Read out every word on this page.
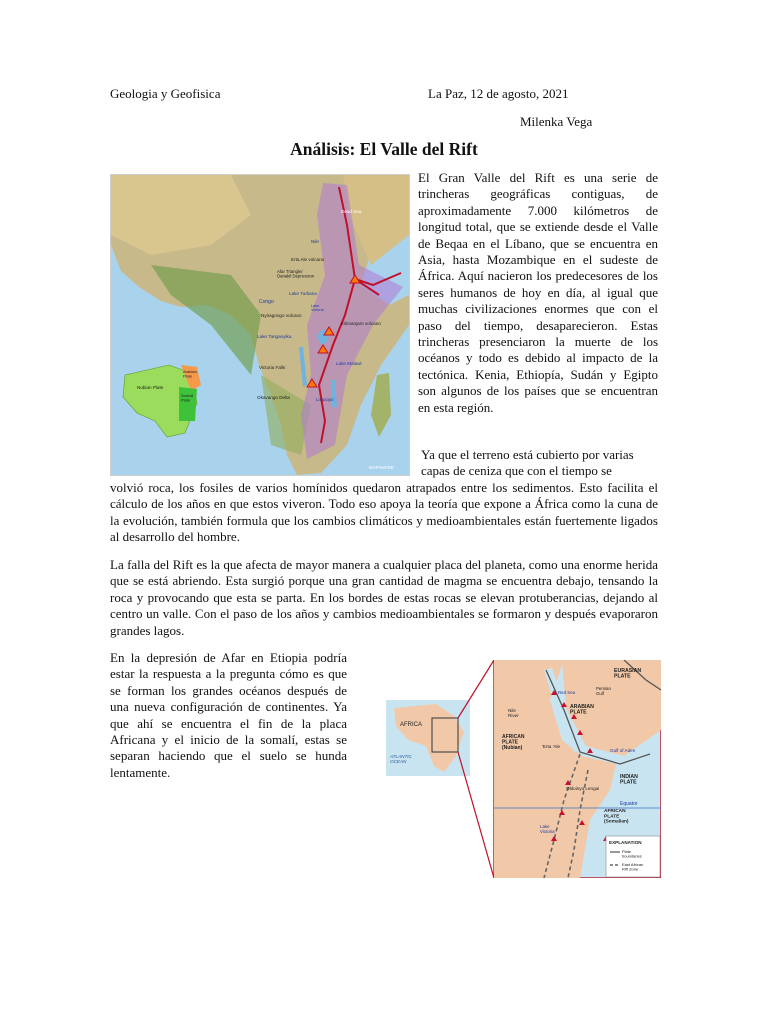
Geologia y Geofisica	La Paz, 12 de agosto, 2021
Milenka Vega
Análisis: El Valle del Rift
Dead Sea
Nile
Erta Ale volcano
Afar Triangle/ Danakil Depression
Lake Turkana
Congo
Lake Victoria
Nyiragongo volcano
Kilimanjaro volcano
Lake Tanganyika
Lake Malawi
Victoria Falls
Okavango Delta	Limpopo
MAPSWIRE
Nubian Plate
Arabian Plate
Somali Plate
El Gran Valle del Rift es una serie de trincheras geográficas contiguas, de aproximadamente 7.000 kilómetros de longitud total, que se extiende desde el Valle de Beqaa en el Líbano, que se encuentra en Asia, hasta Mozambique en el sudeste de África. Aquí nacieron los predecesores de los seres humanos de hoy en día, al igual que muchas civilizaciones enormes que con el paso del tiempo, desaparecieron. Estas trincheras presenciaron la muerte de los océanos y todo es debido al impacto de la tectónica. Kenia, Ethiopía, Sudán y Egipto son algunos de los países que se encuentran en esta región.
Ya que el terreno está cubierto por varias
capas de ceniza que con el tiempo se
volvió roca, los fosiles de varios homínidos quedaron atrapados entre los sedimentos. Esto facilita el cálculo de los años en que estos viveron. Todo eso apoya la teoría que expone a África como la cuna de la evolución, también formula que los cambios climáticos y medioambientales están fuertemente ligados al desarrollo del hombre.
La falla del Rift es la que afecta de mayor manera a cualquier placa del planeta, como una enorme herida que se está abriendo. Esta surgió porque una gran cantidad de magma se encuentra debajo, tensando la roca y provocando que esta se parta. En los bordes de estas rocas se elevan protuberancias, dejando al centro un valle. Con el paso de los años y cambios medioambientales se formaron y después evaporaron grandes lagos.
En la depresión de Afar en Etiopia podría estar la respuesta a la pregunta cómo es que se forman los grandes océanos después de una nueva configuración de continentes. Ya que ahí se encuentra el fin de la placa Africana y el inicio de la somalí, estas se separan haciendo que el suelo se hunda lentamente.
AFRICA
ATLANTIC OCEAN
Equator
EURASIAN PLATE
Persian Gulf
ARABIAN PLATE
Nile River
Red Sea
AFRICAN PLATE (Nubian)	'Erta 'Ale
Gulf of Aden
INDIAN PLATE
Oldoinyo Lengai
Lake Victoria
AFRICAN PLATE (Somalian)
EXPLANATION
Plate boundaries
East African Rift Zone
